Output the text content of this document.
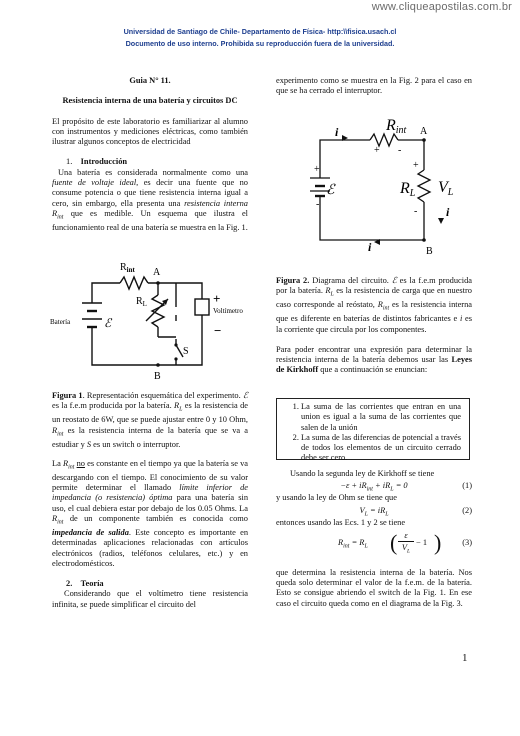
www.cliqueapostilas.com.br
Universidad de Santiago de Chile- Departamento de Física- http:\\fisica.usach.cl
Documento de uso interno. Prohibida su reproducción fuera de la universidad.

Guia N° 11.

Resistencia interna de una batería y circuitos DC

El propósito de este laboratorio es familiarizar al alumno con instrumentos y mediciones eléctricas, como también ilustrar algunos conceptos de electricidad

1. Introducción

Una batería es considerada normalmente como una fuente de voltaje ideal, es decir una fuente que no consume potencia o que tiene resistencia interna igual a cero, sin embargo, ella presenta una resistencia interna $R_{int}$ que es medible. Un esquema que ilustra el funcionamiento real de una batería se muestra en la Fig. 1.

$R_{int}$ A
B
$R_L$
S
Batería	ℰ
Voltímetro
+
−

Figura 1. Representación esquemática del experimento. ℰ es la f.e.m producida por la batería. $R_L$ es la resistencia de un reostato de 6W, que se puede ajustar entre 0 y 10 Ohm, $R_{int}$ es la resistencia interna de la batería que se va a estudiar y S es un switch o interruptor.

La $R_{int}$ no es constante en el tiempo ya que la batería se va descargando con el tiempo. El conocimiento de su valor permite determinar el llamado límite inferior de impedancia (o resistencia) óptima para una batería sin uso, el cual debiera estar por debajo de los 0.05 Ohms. La $R_{int}$ de un componente también es conocida como impedancia de salida. Este concepto es importante en determinadas aplicaciones relacionadas con artículos electrónicos (radios, teléfonos celulares, etc.) y en electrodomésticos.

2. Teoría

Considerando que el voltímetro tiene resistencia infinita, se puede simplificar el circuito del

experimento como se muestra en la Fig. 2 para el caso en que se ha cerrado el interruptor.

Rint A
B
RL VL
i
i
i
ℰ
+
-
+ -
+
-

Figura 2. Diagrama del circuito. ℰ es la f.e.m producida por la batería. $R_L$ es la resistencia de carga que en nuestro caso corresponde al reóstato, $R_{int}$ es la resistencia interna que es diferente en baterías de distintos fabricantes e i es la corriente que circula por los componentes.

Para poder encontrar una expresión para determinar la resistencia interna de la batería debemos usar las Leyes de Kirkhoff que a continuación se enuncian:

1. La suma de las corrientes que entran en una union es igual a la suma de las corrientes que salen de la unión
2. La suma de las diferencias de potencial a través de todos los elementos de un circuito cerrado debe ser cero.

Usando la segunda ley de Kirkhoff se tiene

$-\varepsilon + iR_{int} + iR_L = 0$	(1)

y usando la ley de Ohm se tiene que

$V_L = iR_L$	(2)

entonces usando las Ecs. 1 y 2 se tiene

$R_{int} = R_L$ ( ε
$V_L$
− 1 ) (3)

que determina la resistencia interna de la batería. Nos queda solo determinar el valor de la f.e.m. de la batería. Esto se consigue abriendo el switch de la Fig. 1. En ese caso el circuito queda como en el diagrama de la Fig. 3.

1
